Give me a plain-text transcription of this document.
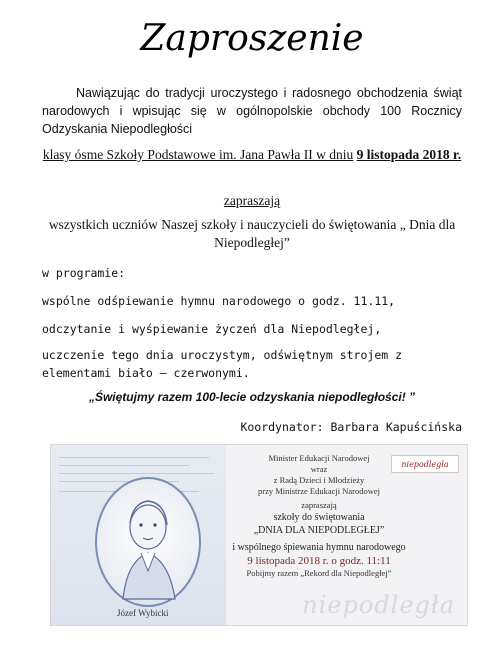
Zaproszenie
Nawiązując do tradycji uroczystego i radosnego obchodzenia świąt narodowych i wpisując się w ogólnopolskie obchody 100 Rocznicy Odzyskania Niepodległości
klasy ósme Szkoły Podstawowe im. Jana Pawła II w dniu 9 listopada 2018 r.
zapraszają
wszystkich uczniów Naszej szkoły i nauczycieli do świętowania „ Dnia dla Niepodległej”
w programie:
wspólne odśpiewanie hymnu narodowego o godz. 11.11,
odczytanie i wyśpiewanie życzeń dla Niepodległej,
uczczenie tego dnia uroczystym, odświętnym strojem z elementami biało – czerwonymi.
„Świętujmy razem 100-lecie odzyskania niepodległości! ”
Koordynator: Barbara Kapuścińska
Józef Wybicki
Minister Edukacji Narodowej
wraz
z Radą Dzieci i Młodzieży
przy Ministrze Edukacji Narodowej
zapraszają
szkoły do świętowania
„DNIA DLA NIEPODLEGŁEJ”
i wspólnego śpiewania hymnu narodowego
9 listopada 2018 r. o godz. 11:11
Pobijmy razem „Rekord dla Niepodległej”
niepodległa
niepodległa
